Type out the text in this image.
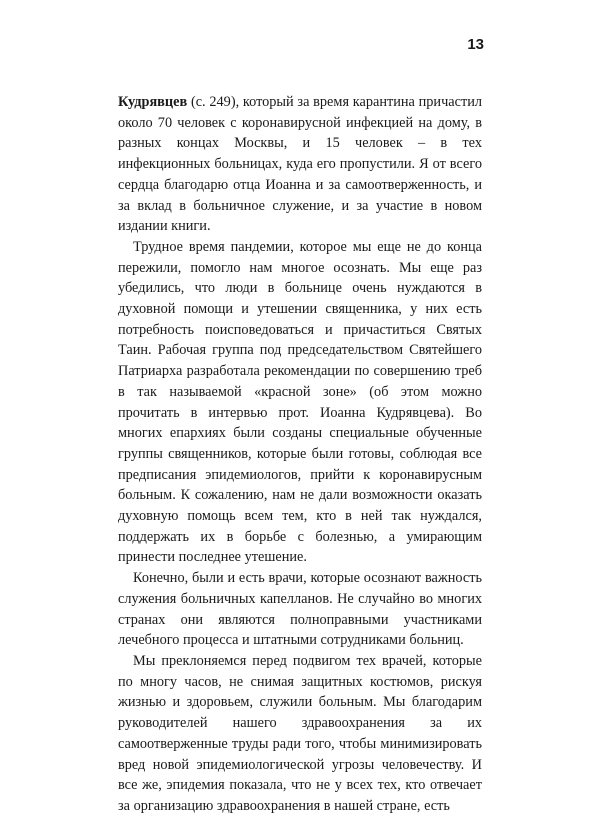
13

Кудрявцев (с. 249), который за время карантина причастил около 70 человек с коронавирусной инфекцией на дому, в разных концах Москвы, и 15 человек – в тех инфекционных больницах, куда его пропустили. Я от всего сердца благодарю отца Иоанна и за самоотверженность, и за вклад в больничное служение, и за участие в новом издании книги.

Трудное время пандемии, которое мы еще не до конца пережили, помогло нам многое осознать. Мы еще раз убедились, что люди в больнице очень нуждаются в духовной помощи и утешении священника, у них есть потребность поисповедоваться и причаститься Святых Таин. Рабочая группа под председательством Святейшего Патриарха разработала рекомендации по совершению треб в так называемой «красной зоне» (об этом можно прочитать в интервью прот. Иоанна Кудрявцева). Во многих епархиях были созданы специальные обученные группы священников, которые были готовы, соблюдая все предписания эпидемиологов, прийти к коронавирусным больным. К сожалению, нам не дали возможности оказать духовную помощь всем тем, кто в ней так нуждался, поддержать их в борьбе с болезнью, а умирающим принести последнее утешение.

Конечно, были и есть врачи, которые осознают важность служения больничных капелланов. Не случайно во многих странах они являются полноправными участниками лечебного процесса и штатными сотрудниками больниц.

Мы преклоняемся перед подвигом тех врачей, которые по многу часов, не снимая защитных костюмов, рискуя жизнью и здоровьем, служили больным. Мы благодарим руководителей нашего здравоохранения за их самоотверженные труды ради того, чтобы минимизировать вред новой эпидемиологической угрозы человечеству. И все же, эпидемия показала, что не у всех тех, кто отвечает за организацию здравоохранения в нашей стране, есть
